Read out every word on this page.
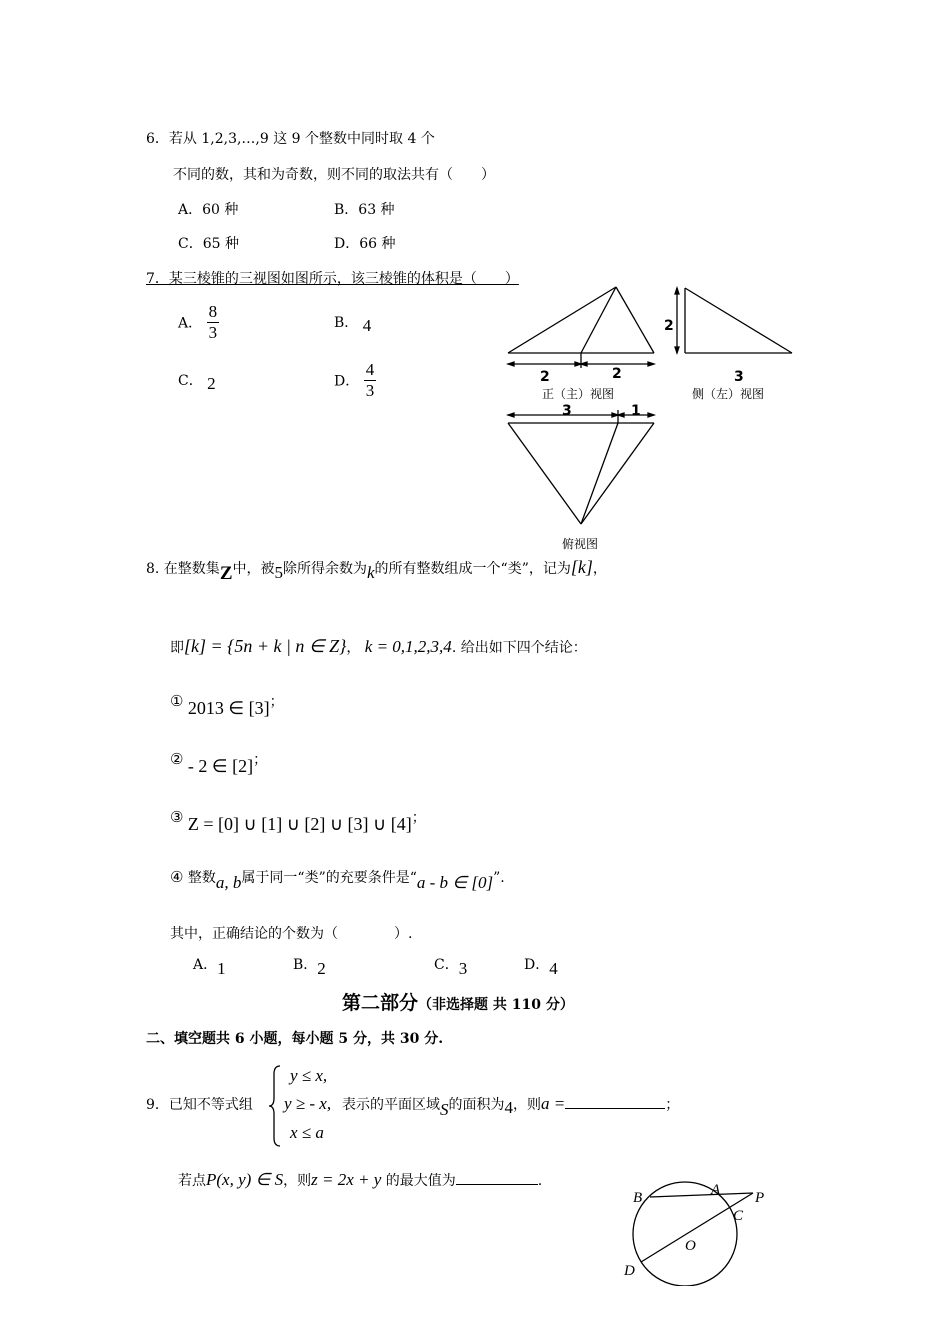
6．若从 1,2,3,…,9 这 9 个整数中同时取 4 个
不同的数，其和为奇数，则不同的取法共有（　　）
A．60 种	B．63 种
C．65 种	D．66 种
7．某三棱锥的三视图如图所示，该三棱锥的体积是（　　）
A． $\frac{8}{3}$	B． 4
C． 2	D． $\frac{4}{3}$	2	2
正（主）视图
2
3
侧（左）视图
3	1
俯视图
8. 在整数集Z中，被5除所得余数为k的所有整数组成一个“类”，记为[k]，
即[k] = {5n + k | n ∈ Z}， k = 0,1,2,3,4. 给出如下四个结论：
① 2013 ∈ [3]；
② - 2 ∈ [2]；
③ Z = [0] ∪ [1] ∪ [2] ∪ [3] ∪ [4]；
④ 整数a, b属于同一“类”的充要条件是“a - b ∈ [0]”.
其中，正确结论的个数为（　　　　）.
A．1	B．2	C．3	D．4
第二部分（非选择题 共 110 分）
二、填空题共 6 小题，每小题 5 分，共 30 分.
9．已知不等式组
y ≤ x,
y ≥ - x,
x ≤ a
表示的平面区域S的面积为4，则a =	；
若点P(x, y) ∈ S，则z = 2x + y 的最大值为	.
B	A P
C
O
D
